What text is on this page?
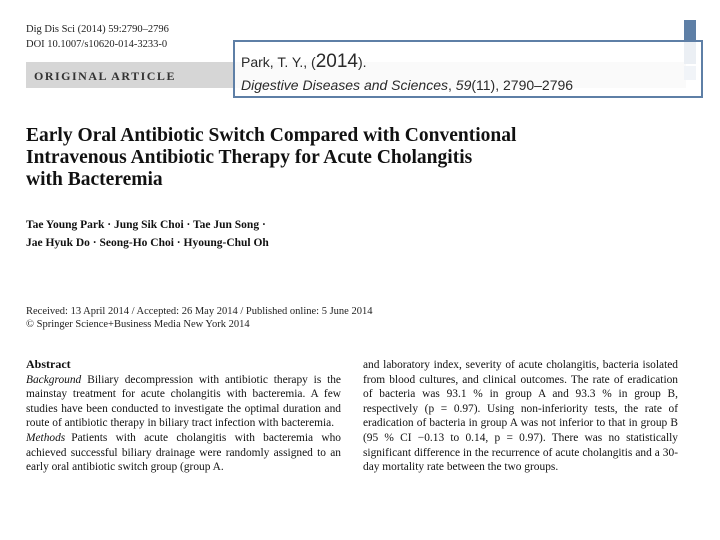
Dig Dis Sci (2014) 59:2790–2796
DOI 10.1007/s10620-014-3233-0
ORIGINAL ARTICLE
Park, T. Y., (2014).
Digestive Diseases and Sciences, 59(11), 2790–2796
Early Oral Antibiotic Switch Compared with Conventional
Intravenous Antibiotic Therapy for Acute Cholangitis
with Bacteremia
Tae Young Park · Jung Sik Choi · Tae Jun Song ·
Jae Hyuk Do · Seong-Ho Choi · Hyoung-Chul Oh
Received: 13 April 2014 / Accepted: 26 May 2014 / Published online: 5 June 2014
© Springer Science+Business Media New York 2014
Abstract

Background Biliary decompression with antibiotic therapy is the mainstay treatment for acute cholangitis with bacteremia. A few studies have been conducted to investigate the optimal duration and route of antibiotic therapy in biliary tract infection with bacteremia.

Methods Patients with acute cholangitis with bacteremia who achieved successful biliary drainage were randomly assigned to an early oral antibiotic switch group (group A.

and laboratory index, severity of acute cholangitis, bacteria isolated from blood cultures, and clinical outcomes. The rate of eradication of bacteria was 93.1 % in group A and 93.3 % in group B, respectively (p = 0.97). Using non-inferiority tests, the rate of eradication of bacteria in group A was not inferior to that in group B (95 % CI −0.13 to 0.14, p = 0.97). There was no statistically significant difference in the recurrence of acute cholangitis and a 30-day mortality rate between the two groups.
